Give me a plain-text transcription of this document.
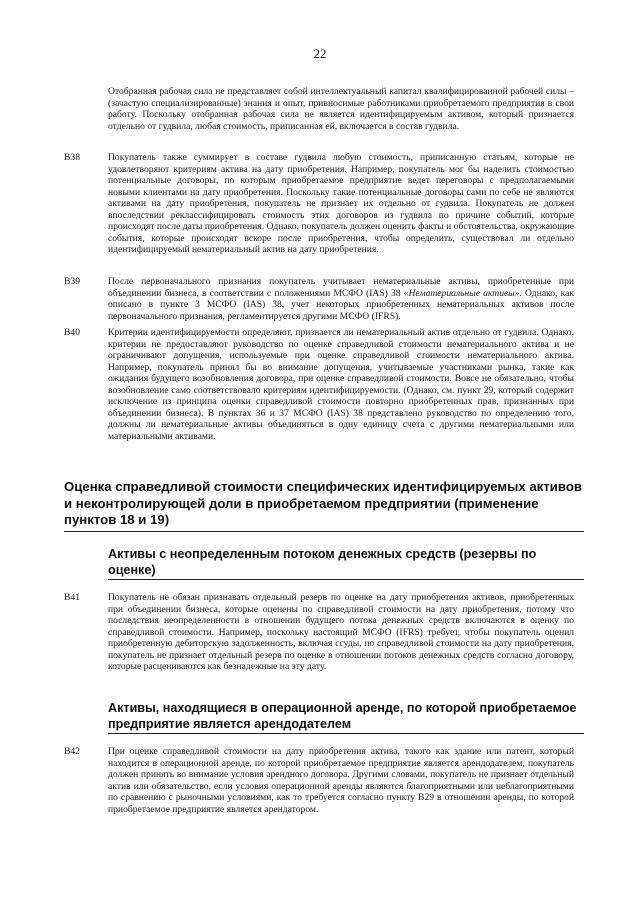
22

Отобранная рабочая сила не представляет собой интеллектуальный капитал квалифицированной рабочей силы – (зачастую специализированные) знания и опыт, привносимые работниками приобретаемого предприятия в свои работу. Поскольку отобранная рабочая сила не является идентифицируемым активом, который признается отдельно от гудвила, любая стоимость, приписанная ей, включается в состав гудвила.

B38	Покупатель также суммирует в составе гудвила любую стоимость, приписанную статьям, которые не удовлетворяют критериям актива на дату приобретения. Например, покупатель мог бы наделить стоимостью потенциальные договоры, по которым приобретаемое предприятие ведет переговоры с предполагаемыми новыми клиентами на дату приобретения. Поскольку такие потенциальные договоры сами по себе не являются активами на дату приобретения, покупатель не признает их отдельно от гудвила. Покупатель не должен впоследствии реклассифицировать стоимость этих договоров из гудвила по причине событий, которые происходят после даты приобретения. Однако, покупатель должен оценить факты и обстоятельства, окружающие события, которые происходят вскоре после приобретения, чтобы определить, существовал ли отдельно идентифицируемый нематериальный актив на дату приобретения.

B39	После первоначального признания покупатель учитывает нематериальные активы, приобретенные при объединении бизнеса, в соответствии с положениями МСФО (IAS) 38 «Нематериальные активы». Однако, как описано в пункте 3 МСФО (IAS) 38, учет некоторых приобретенных нематериальных активов после первоначального признания, регламентируется другими МСФО (IFRS).

B40	Критерии идентифицируемости определяют, признается ли нематериальный актив отдельно от гудвила. Однако, критерии не предоставляют руководство по оценке справедливой стоимости нематериального актива и не ограничивают допущения, используемые при оценке справедливой стоимости нематериального актива. Например, покупатель принял бы во внимание допущения, учитываемые участниками рынка, такие как ожидания будущего возобновления договора, при оценке справедливой стоимости. Вовсе не обязательно, чтобы возобновление само соответствовало критериям идентифицируемости. (Однако, см. пункт 29, который содержит исключение из принципа оценки справедливой стоимости повторно приобретенных прав, признанных при объединении бизнеса). В пунктах 36 и 37 МСФО (IAS) 38 представлено руководство по определению того, должны ли нематериальные активы объединяться в одну единицу счета с другими нематериальными или материальными активами.

Оценка справедливой стоимости специфических идентифицируемых активов и неконтролирующей доли в приобретаемом предприятии (применение пунктов 18 и 19)
Активы с неопределенным потоком денежных средств (резервы по оценке)
B41	Покупатель не обязан признавать отдельный резерв по оценке на дату приобретения активов, приобретенных при объединении бизнеса, которые оценены по справедливой стоимости на дату приобретения, потому что последствия неопределенности в отношении будущего потока денежных средств включаются в оценку по справедливой стоимости. Например, поскольку настоящий МСФО (IFRS) требует, чтобы покупатель оценил приобретенную дебиторскую задолженность, включая ссуды, по справедливой стоимости на дату приобретения, покупатель не признает отдельный резерв по оценке в отношении потоков денежных средств согласно договору, которые расцениваются как безнадежные на эту дату.

Активы, находящиеся в операционной аренде, по которой приобретаемое предприятие является арендодателем
B42	При оценке справедливой стоимости на дату приобретения актива, такого как здание или патент, который находится в операционной аренде, по которой приобретаемое предприятие является арендодателем, покупатель должен принять во внимание условия арендного договора. Другими словами, покупатель не признает отдельный актив или обязательство, если условия операционной аренды являются благоприятными или неблагоприятными по сравнению с рыночными условиями, как то требуется согласно пункту B29 в отношении аренды, по которой приобретаемое предприятие является арендатором.
